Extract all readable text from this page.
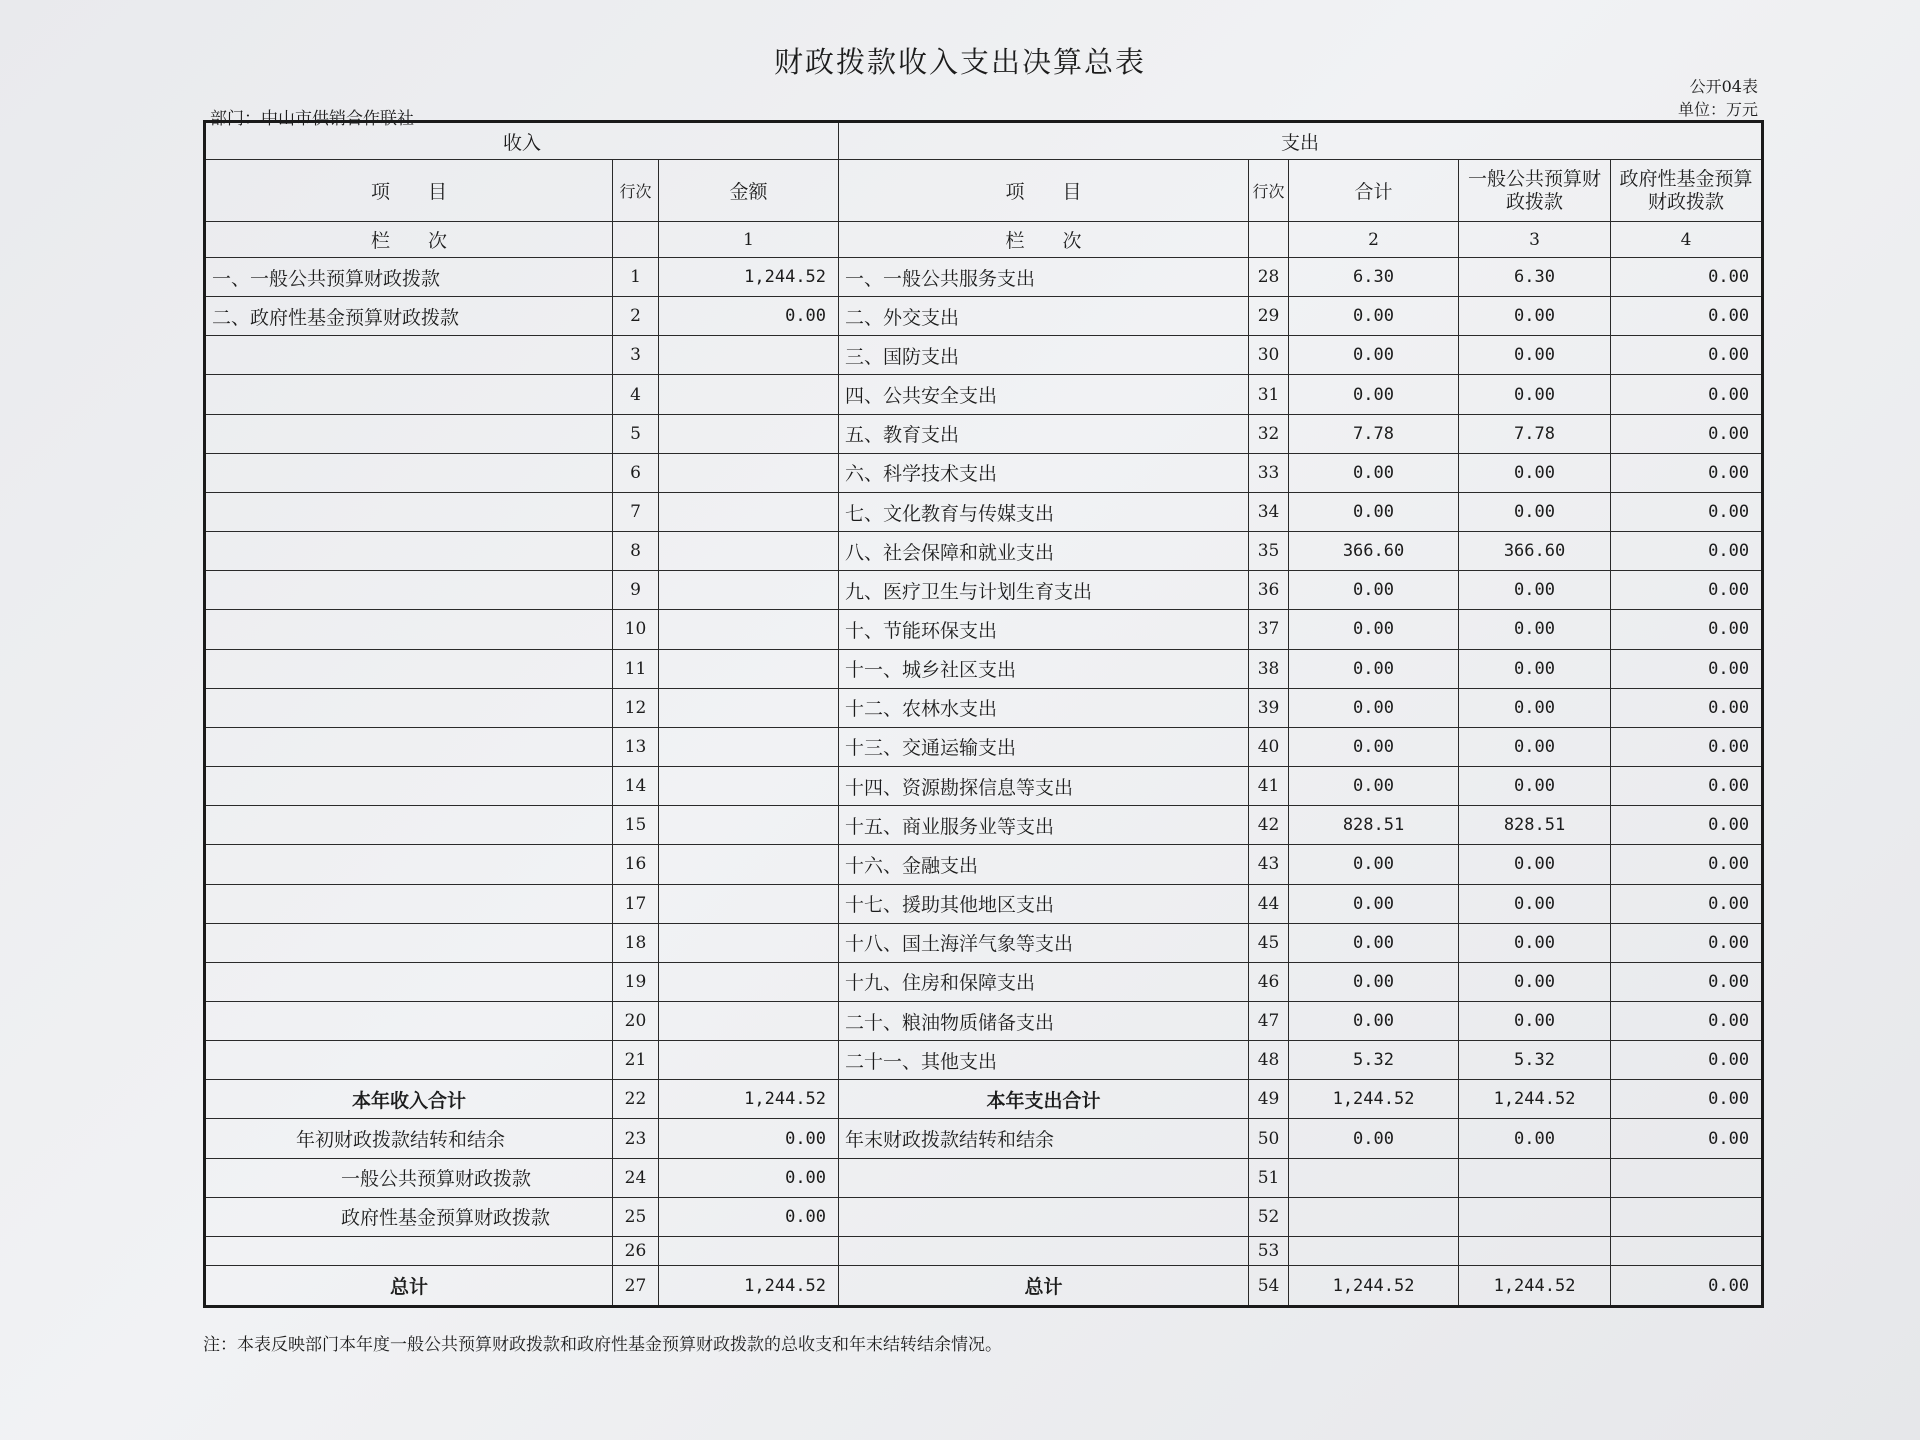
财政拨款收入支出决算总表
公开04表
单位：万元
部门：中山市供销合作联社
收入			支出				
项　　目	行次	金额	项　　目	行次	合计	一般公共预算财政拨款	政府性基金预算财政拨款
栏　　次		1	栏　　次		2	3	4
一、一般公共预算财政拨款	1	1,244.52	一、一般公共服务支出	28	6.30	6.30	0.00
二、政府性基金预算财政拨款	2	0.00	二、外交支出	29	0.00	0.00	0.00
	3		三、国防支出	30	0.00	0.00	0.00
	4		四、公共安全支出	31	0.00	0.00	0.00
	5		五、教育支出	32	7.78	7.78	0.00
	6		六、科学技术支出	33	0.00	0.00	0.00
	7		七、文化教育与传媒支出	34	0.00	0.00	0.00
	8		八、社会保障和就业支出	35	366.60	366.60	0.00
	9		九、医疗卫生与计划生育支出	36	0.00	0.00	0.00
	10		十、节能环保支出	37	0.00	0.00	0.00
	11		十一、城乡社区支出	38	0.00	0.00	0.00
	12		十二、农林水支出	39	0.00	0.00	0.00
	13		十三、交通运输支出	40	0.00	0.00	0.00
	14		十四、资源勘探信息等支出	41	0.00	0.00	0.00
	15		十五、商业服务业等支出	42	828.51	828.51	0.00
	16		十六、金融支出	43	0.00	0.00	0.00
	17		十七、援助其他地区支出	44	0.00	0.00	0.00
	18		十八、国土海洋气象等支出	45	0.00	0.00	0.00
	19		十九、住房和保障支出	46	0.00	0.00	0.00
	20		二十、粮油物质储备支出	47	0.00	0.00	0.00
	21		二十一、其他支出	48	5.32	5.32	0.00
本年收入合计	22	1,244.52	本年支出合计	49	1,244.52	1,244.52	0.00
年初财政拨款结转和结余	23	0.00	年末财政拨款结转和结余	50	0.00	0.00	0.00
一般公共预算财政拨款	24	0.00		51			
政府性基金预算财政拨款	25	0.00		52			
	26			53			
总计	27	1,244.52	总计	54	1,244.52	1,244.52	0.00
注：本表反映部门本年度一般公共预算财政拨款和政府性基金预算财政拨款的总收支和年末结转结余情况。
